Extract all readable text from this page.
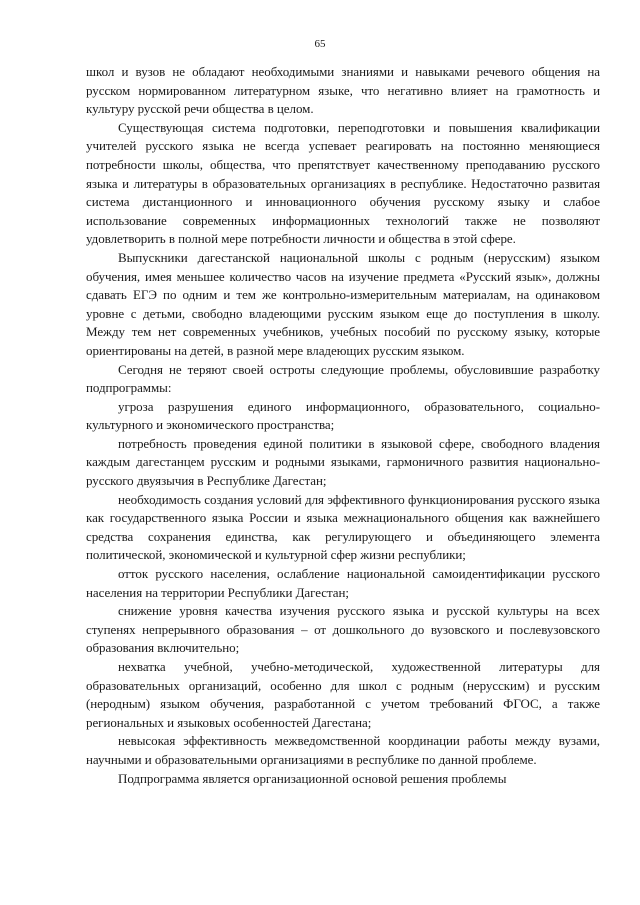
65

школ и вузов не обладают необходимыми знаниями и навыками речевого общения на русском нормированном литературном языке, что негативно влияет на грамотность и культуру русской речи общества в целом.

Существующая система подготовки, переподготовки и повышения квалификации учителей русского языка не всегда успевает реагировать на постоянно меняющиеся потребности школы, общества, что препятствует качественному преподаванию русского языка и литературы в образовательных организациях в республике. Недостаточно развитая система дистанционного и инновационного обучения русскому языку и слабое использование современных информационных технологий также не позволяют удовлетворить в полной мере потребности личности и общества в этой сфере.

Выпускники дагестанской национальной школы с родным (нерусским) языком обучения, имея меньшее количество часов на изучение предмета «Русский язык», должны сдавать ЕГЭ по одним и тем же контрольно-измерительным материалам, на одинаковом уровне с детьми, свободно владеющими русским языком еще до поступления в школу. Между тем нет современных учебников, учебных пособий по русскому языку, которые ориентированы на детей, в разной мере владеющих русским языком.

Сегодня не теряют своей остроты следующие проблемы, обусловившие разработку подпрограммы:

угроза разрушения единого информационного, образовательного, социально-культурного и экономического пространства;

потребность проведения единой политики в языковой сфере, свободного владения каждым дагестанцем русским и родными языками, гармоничного развития национально-русского двуязычия в Республике Дагестан;

необходимость создания условий для эффективного функционирования русского языка как государственного языка России и языка межнационального общения как важнейшего средства сохранения единства, как регулирующего и объединяющего элемента политической, экономической и культурной сфер жизни республики;

отток русского населения, ослабление национальной самоидентификации русского населения на территории Республики Дагестан;

снижение уровня качества изучения русского языка и русской культуры на всех ступенях непрерывного образования – от дошкольного до вузовского и послевузовского образования включительно;

нехватка учебной, учебно-методической, художественной литературы для образовательных организаций, особенно для школ с родным (нерусским) и русским (неродным) языком обучения, разработанной с учетом требований ФГОС, а также региональных и языковых особенностей Дагестана;

невысокая эффективность межведомственной координации работы между вузами, научными и образовательными организациями в республике по данной проблеме.

Подпрограмма является организационной основой решения проблемы
